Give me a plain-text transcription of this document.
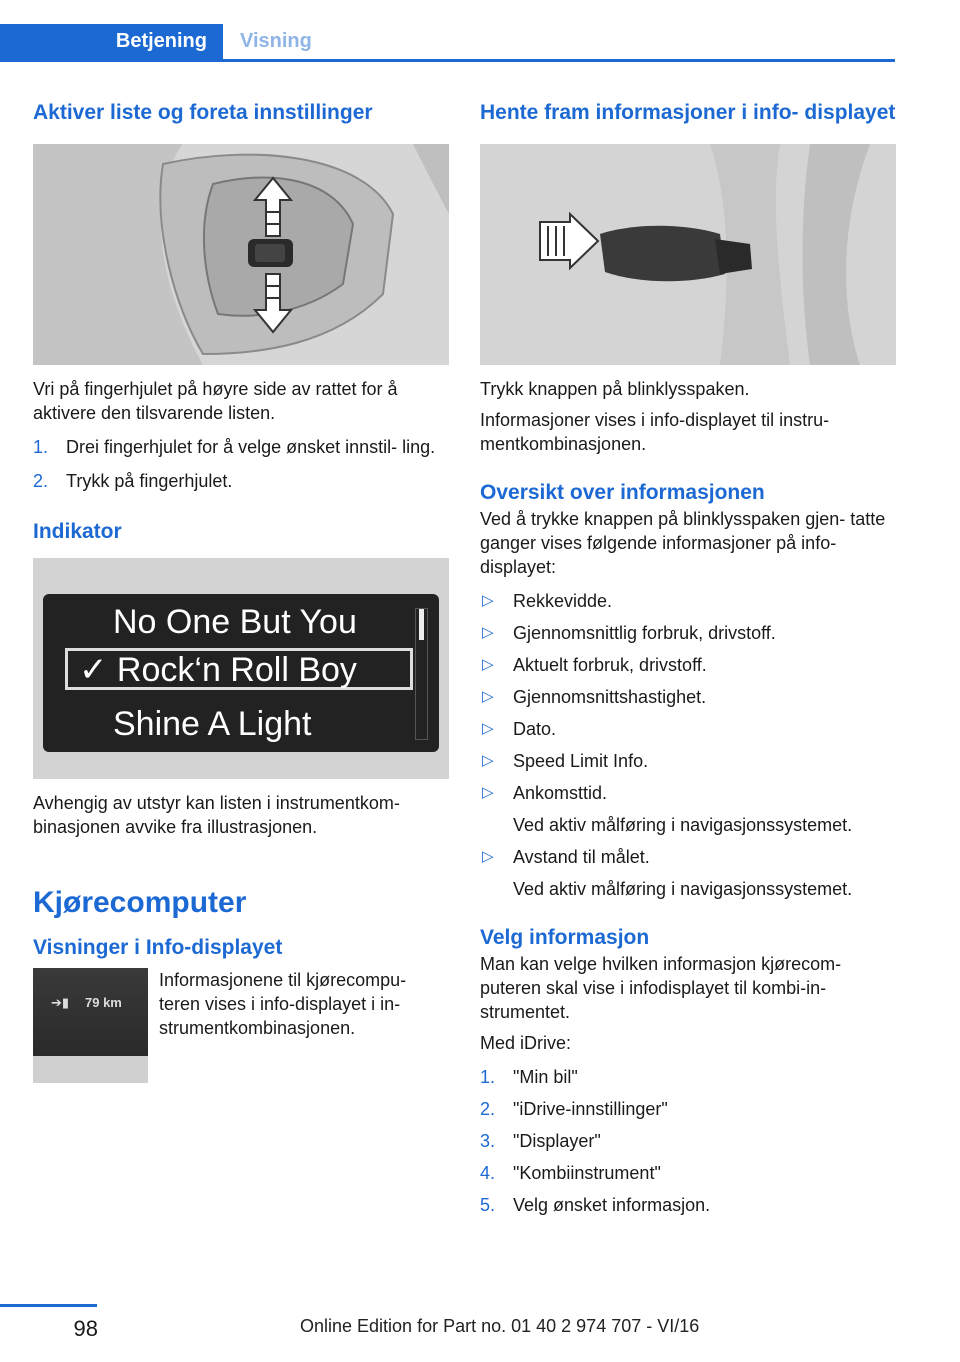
Betjening	Visning
Aktiver liste og foreta innstillinger

Vri på fingerhjulet på høyre side av rattet for å aktivere den tilsvarende listen.

1. Drei fingerhjulet for å velge ønsket innstil‐ ling.
2. Trykk på fingerhjulet.
Indikator
No One But You
✓ Rock‘n Roll Boy
Shine A Light

Avhengig av utstyr kan listen i instrumentkom‐ binasjonen avvike fra illustrasjonen.

Kjørecomputer
Visninger i Info-displayet
➔▮ 79 km

Informasjonene til kjørecompu‐ teren vises i info-displayet i in‐ strumentkombinasjonen.

Hente fram informasjoner i info‐ displayet

Trykk knappen på blinklysspaken.

Informasjoner vises i info-displayet til instru‐ mentkombinasjonen.

Oversikt over informasjonen

Ved å trykke knappen på blinklysspaken gjen‐ tatte ganger vises følgende informasjoner på info-displayet:

▷ Rekkevidde.
▷ Gjennomsnittlig forbruk, drivstoff.
▷ Aktuelt forbruk, drivstoff.
▷ Gjennomsnittshastighet.
▷ Dato.
▷ Speed Limit Info.
▷ Ankomsttid.
Ved aktiv målføring i navigasjonssystemet.
▷ Avstand til målet.
Ved aktiv målføring i navigasjonssystemet.
Velg informasjon

Man kan velge hvilken informasjon kjørecom‐ puteren skal vise i infodisplayet til kombi-in‐ strumentet.

Med iDrive:

1. "Min bil"
2. "iDrive-innstillinger"
3. "Displayer"
4. "Kombiinstrument"
5. Velg ønsket informasjon.
98	Online Edition for Part no. 01 40 2 974 707 - VI/16
